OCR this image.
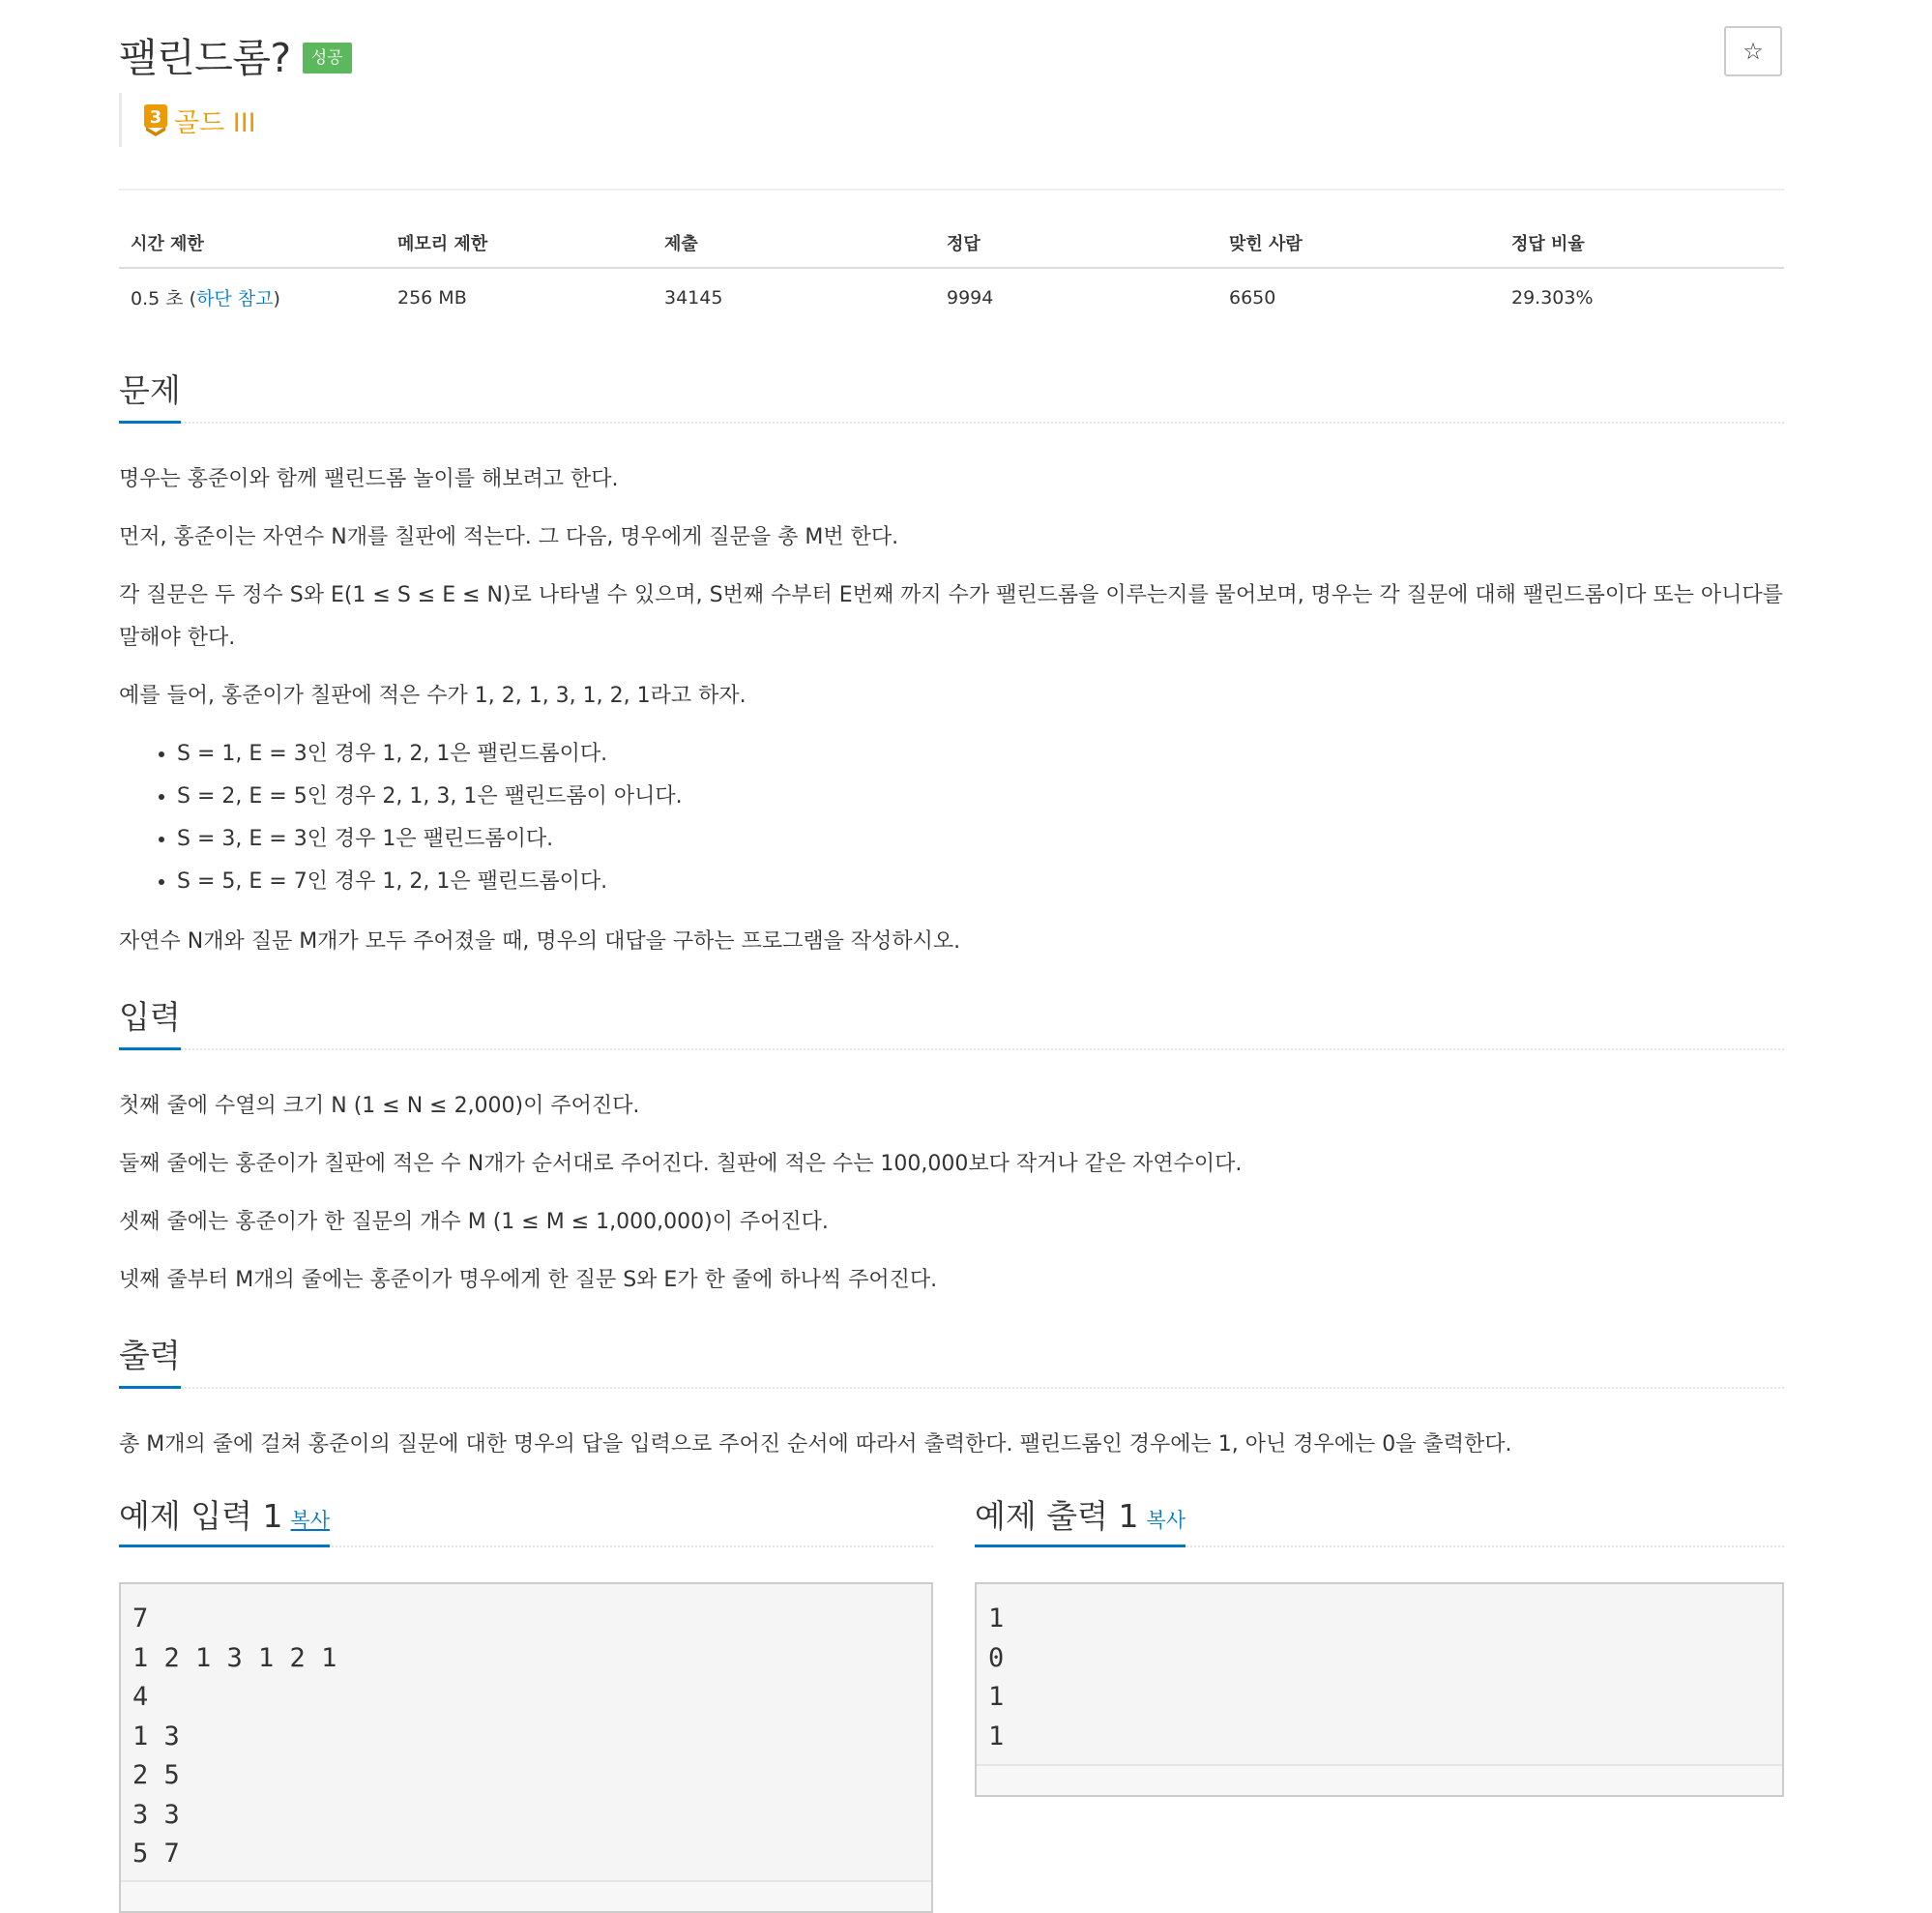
팰린드롬?	성공	☆
3 골드 III
시간 제한	메모리 제한	제출	정답	맞힌 사람	정답 비율
0.5 초 (하단 참고)	256 MB	34145	9994	6650	29.303%
문제
명우는 홍준이와 함께 팰린드롬 놀이를 해보려고 한다.
먼저, 홍준이는 자연수 N개를 칠판에 적는다. 그 다음, 명우에게 질문을 총 M번 한다.
각 질문은 두 정수 S와 E(1 ≤ S ≤ E ≤ N)로 나타낼 수 있으며, S번째 수부터 E번째 까지 수가 팰린드롬을 이루는지를 물어보며, 명우는 각 질문에 대해 팰린드롬이다 또는 아니다를 말해야 한다.
예를 들어, 홍준이가 칠판에 적은 수가 1, 2, 1, 3, 1, 2, 1라고 하자.
• S = 1, E = 3인 경우 1, 2, 1은 팰린드롬이다.
• S = 2, E = 5인 경우 2, 1, 3, 1은 팰린드롬이 아니다.
• S = 3, E = 3인 경우 1은 팰린드롬이다.
• S = 5, E = 7인 경우 1, 2, 1은 팰린드롬이다.
자연수 N개와 질문 M개가 모두 주어졌을 때, 명우의 대답을 구하는 프로그램을 작성하시오.
입력
첫째 줄에 수열의 크기 N (1 ≤ N ≤ 2,000)이 주어진다.
둘째 줄에는 홍준이가 칠판에 적은 수 N개가 순서대로 주어진다. 칠판에 적은 수는 100,000보다 작거나 같은 자연수이다.
셋째 줄에는 홍준이가 한 질문의 개수 M (1 ≤ M ≤ 1,000,000)이 주어진다.
넷째 줄부터 M개의 줄에는 홍준이가 명우에게 한 질문 S와 E가 한 줄에 하나씩 주어진다.
출력
총 M개의 줄에 걸쳐 홍준이의 질문에 대한 명우의 답을 입력으로 주어진 순서에 따라서 출력한다. 팰린드롬인 경우에는 1, 아닌 경우에는 0을 출력한다.
예제 입력 1 복사	예제 출력 1 복사
7
1 2 1 3 1 2 1
4
1 3
2 5
3 3
5 7
1
0
1
1
